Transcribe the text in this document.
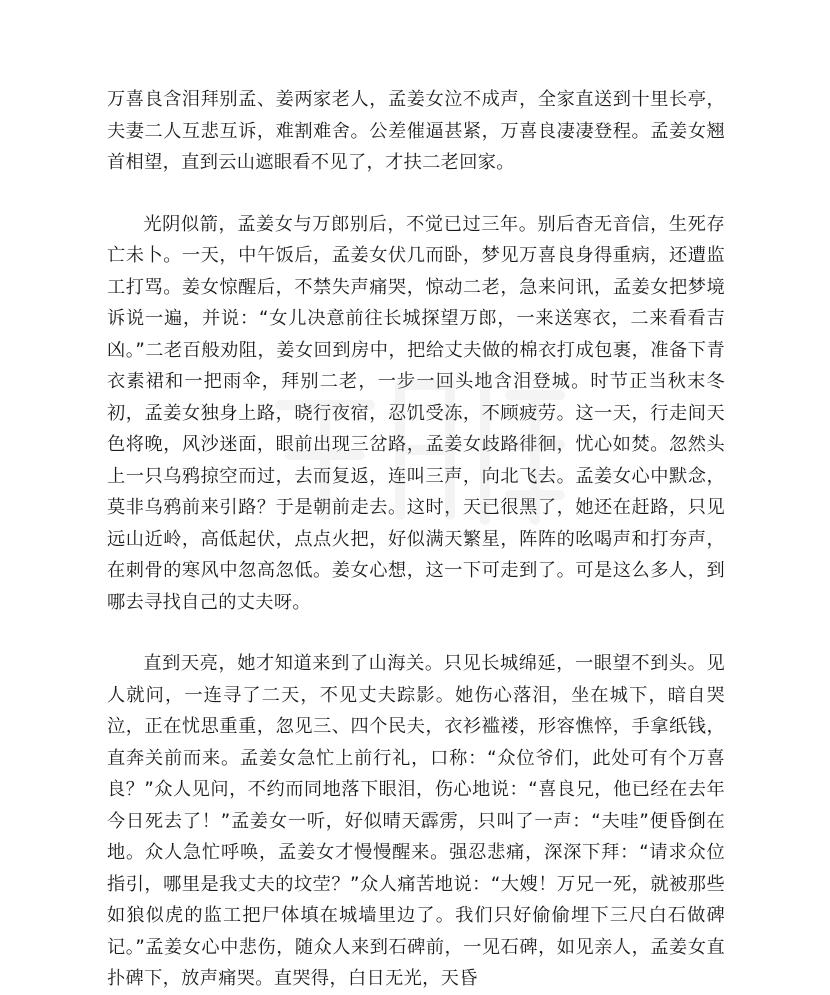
万喜良含泪拜别孟、姜两家老人，孟姜女泣不成声，全家直送到十里长亭，夫妻二人互悲互诉，难割难舍。公差催逼甚紧，万喜良凄凄登程。孟姜女翘首相望，直到云山遮眼看不见了，才扶二老回家。

光阴似箭，孟姜女与万郎别后，不觉已过三年。别后杳无音信，生死存亡未卜。一天，中午饭后，孟姜女伏几而卧，梦见万喜良身得重病，还遭监工打骂。姜女惊醒后，不禁失声痛哭，惊动二老，急来问讯，孟姜女把梦境诉说一遍，并说：“女儿决意前往长城探望万郎，一来送寒衣，二来看看吉凶。”二老百般劝阻，姜女回到房中，把给丈夫做的棉衣打成包裹，准备下青衣素裙和一把雨伞，拜别二老，一步一回头地含泪登城。时节正当秋末冬初，孟姜女独身上路，晓行夜宿，忍饥受冻，不顾疲劳。这一天，行走间天色将晚，风沙迷面，眼前出现三岔路，孟姜女歧路徘徊，忧心如焚。忽然头上一只乌鸦掠空而过，去而复返，连叫三声，向北飞去。孟姜女心中默念，莫非乌鸦前来引路？于是朝前走去。这时，天已很黑了，她还在赶路，只见远山近岭，高低起伏，点点火把，好似满天繁星，阵阵的吆喝声和打夯声，在刺骨的寒风中忽高忽低。姜女心想，这一下可走到了。可是这么多人，到哪去寻找自己的丈夫呀。

直到天亮，她才知道来到了山海关。只见长城绵延，一眼望不到头。见人就问，一连寻了二天，不见丈夫踪影。她伤心落泪，坐在城下，暗自哭泣，正在忧思重重，忽见三、四个民夫，衣衫褴褛，形容憔悴，手拿纸钱，直奔关前而来。孟姜女急忙上前行礼，口称：“众位爷们，此处可有个万喜良？”众人见问，不约而同地落下眼泪，伤心地说：“喜良兄，他已经在去年今日死去了！”孟姜女一听，好似晴天霹雳，只叫了一声：“夫哇”便昏倒在地。众人急忙呼唤，孟姜女才慢慢醒来。强忍悲痛，深深下拜：“请求众位指引，哪里是我丈夫的坟茔？”众人痛苦地说：“大嫂！万兄一死，就被那些如狼似虎的监工把尸体填在城墙里边了。我们只好偷偷埋下三尺白石做碑记。”孟姜女心中悲伤，随众人来到石碑前，一见石碑，如见亲人，孟姜女直扑碑下，放声痛哭。直哭得，白日无光，天昏
